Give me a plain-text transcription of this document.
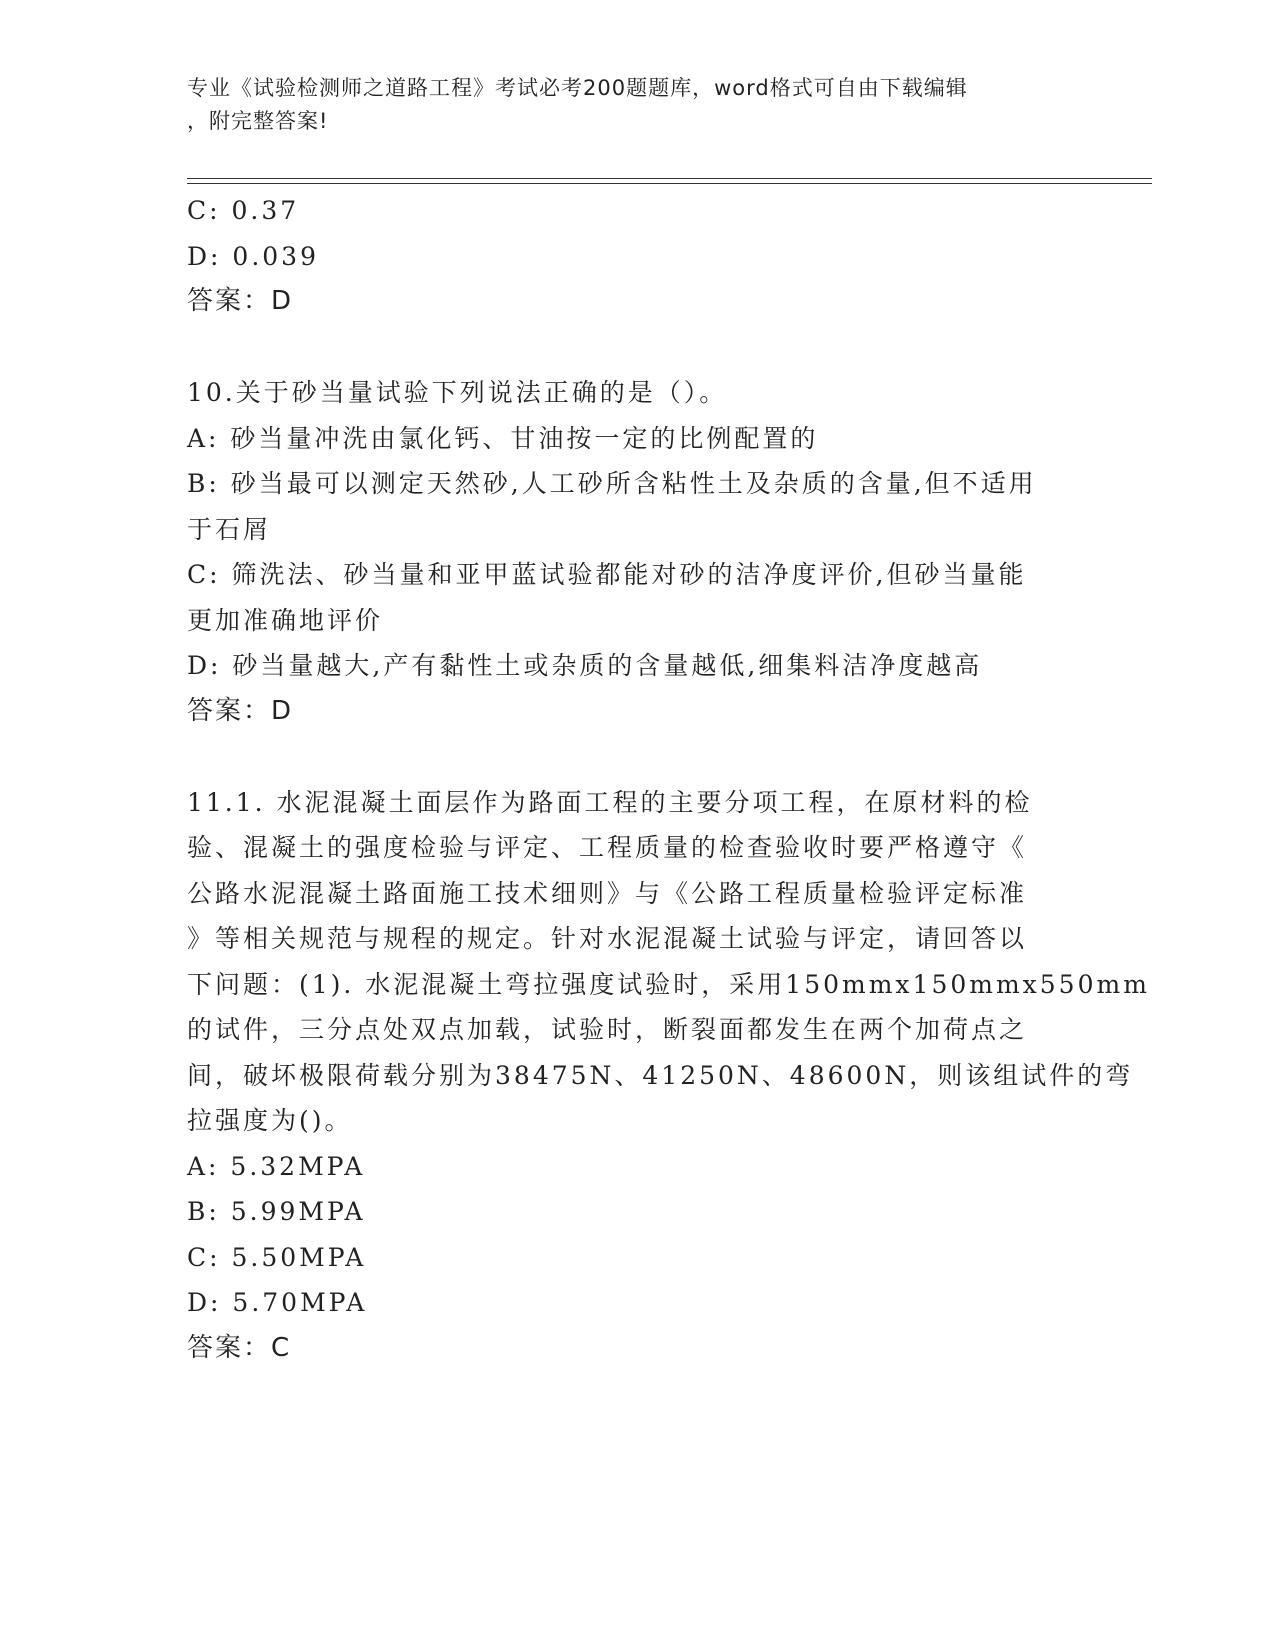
专业《试验检测师之道路工程》考试必考200题题库，word格式可自由下载编辑
，附完整答案!
C: 0.37
D: 0.039
答案：D
10.关于砂当量试验下列说法正确的是（）。
A: 砂当量冲洗由氯化钙、甘油按一定的比例配置的
B: 砂当最可以测定天然砂,人工砂所含粘性土及杂质的含量,但不适用
于石屑
C: 筛洗法、砂当量和亚甲蓝试验都能对砂的洁净度评价,但砂当量能
更加准确地评价
D: 砂当量越大,产有黏性土或杂质的含量越低,细集料洁净度越高
答案：D
11.1. 水泥混凝土面层作为路面工程的主要分项工程，在原材料的检
验、混凝土的强度检验与评定、工程质量的检查验收时要严格遵守《
公路水泥混凝土路面施工技术细则》与《公路工程质量检验评定标准
》等相关规范与规程的规定。针对水泥混凝土试验与评定，请回答以
下问题：(1). 水泥混凝土弯拉强度试验时，采用150mmx150mmx550mm
的试件，三分点处双点加载，试验时，断裂面都发生在两个加荷点之
间，破坏极限荷载分别为38475N、41250N、48600N，则该组试件的弯
拉强度为()。
A: 5.32MPA
B: 5.99MPA
C: 5.50MPA
D: 5.70MPA
答案：C
